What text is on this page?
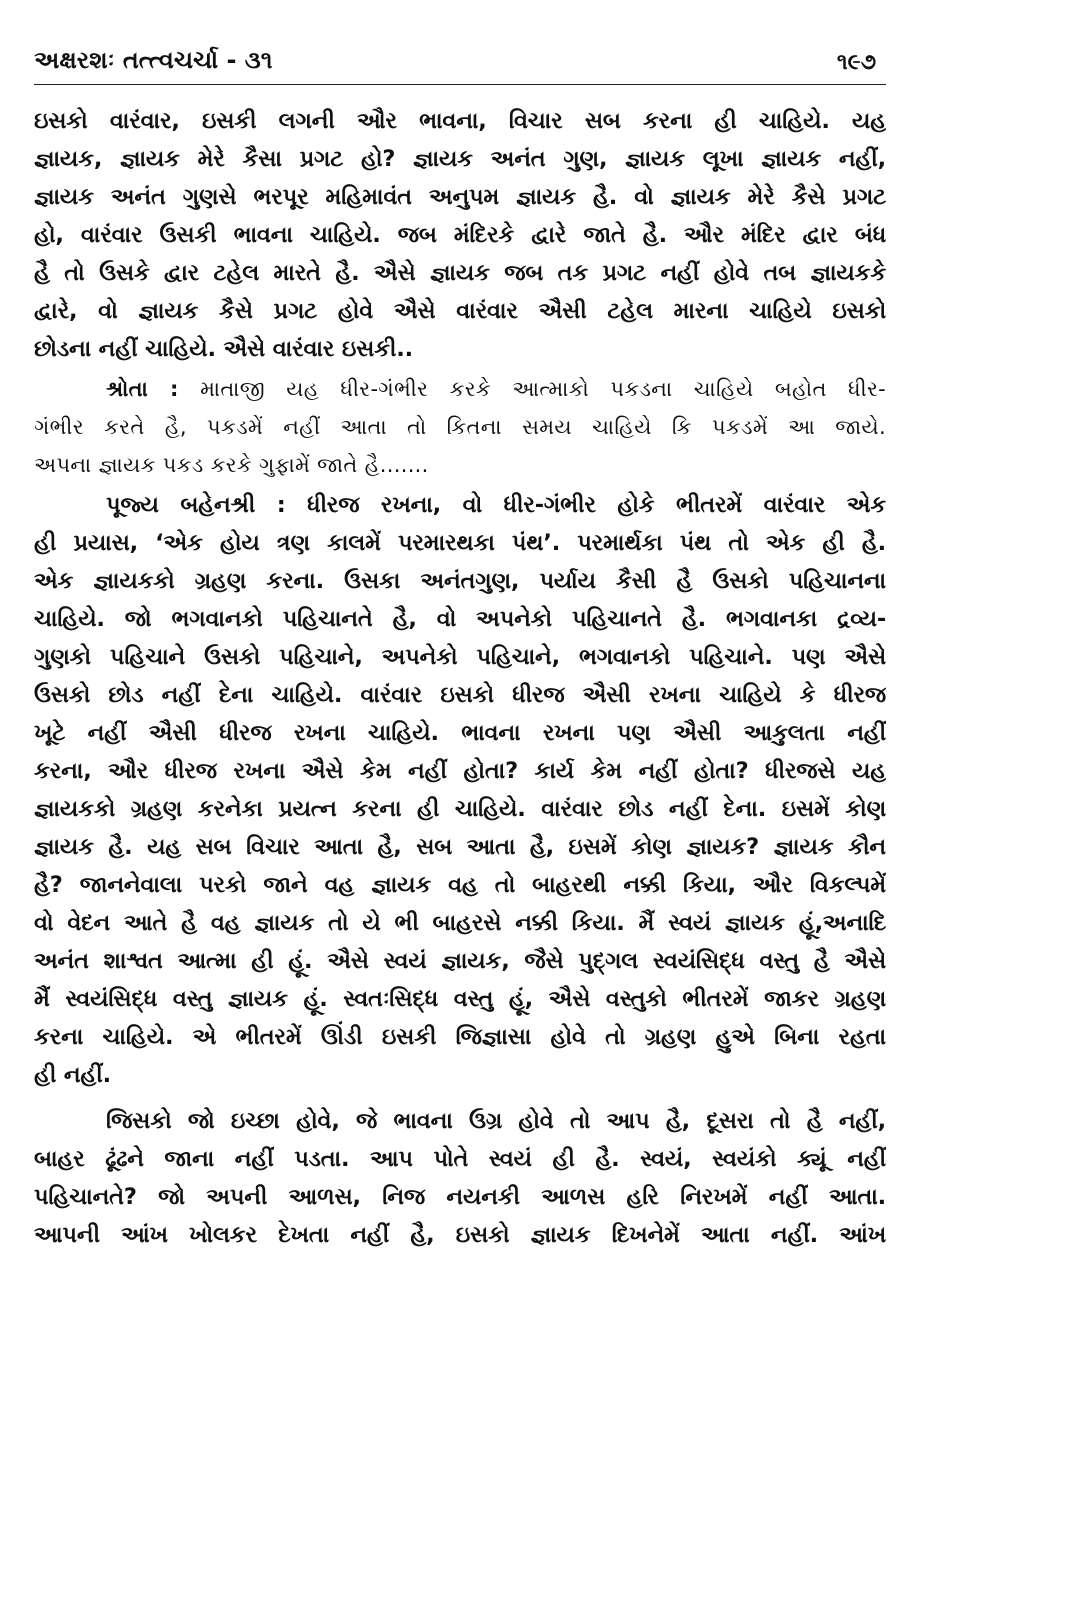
અક્ષરશઃ તત્ત્વચર્ચા - ૩૧	૧૯૭
ઇસકો વારંવાર, ઇસકી લગની ઔર ભાવના, વિચાર સબ કરના હી ચાહિયે. યહ
જ્ઞાયક, જ્ઞાયક મેરે કૈસા પ્રગટ હો? જ્ઞાયક અનંત ગુણ, જ્ઞાયક લૂખા જ્ઞાયક નહીં,
જ્ઞાયક અનંત ગુણસે ભરપૂર મહિમાવંત અનુપમ જ્ઞાયક હૈ. વો જ્ઞાયક મેરે કૈસે પ્રગટ
હો, વારંવાર ઉસકી ભાવના ચાહિયે. જબ મંદિરકે દ્વારે જાતે હૈ. ઔર મંદિર દ્વાર બંધ
હૈ તો ઉસકે દ્વાર ટહેલ મારતે હૈ. ઐસે જ્ઞાયક જબ તક પ્રગટ નહીં હોવે તબ જ્ઞાયકકે
દ્વારે, વો જ્ઞાયક કૈસે પ્રગટ હોવે ઐસે વારંવાર ઐસી ટહેલ મારના ચાહિયે ઇસકો
છોડના નહીં ચાહિયે. ઐસે વારંવાર ઇસકી..
શ્રોતા : માતાજી યહ ધીર-ગંભીર કરકે આત્માકો પકડના ચાહિયે બહોત ધીર-
ગંભીર કરતે હૈ, પકડમેં નહીં આતા તો કિતના સમય ચાહિયે કિ પકડમેં આ જાયે.
અપના જ્ઞાયક પકડ કરકે ગુફામેં જાતે હૈ.......
પૂજ્ય બહેનશ્રી : ધીરજ રખના, વો ધીર-ગંભીર હોકે ભીતરમેં વારંવાર એક
હી પ્રયાસ, ‘એક હોય ત્રણ કાલમેં પરમારથકા પંથ’. પરમાર્થકા પંથ તો એક હી હૈ.
એક જ્ઞાયકકો ગ્રહણ કરના. ઉસકા અનંતગુણ, પર્યાય કૈસી હૈ ઉસકો પહિચાનના
ચાહિયે. જો ભગવાનકો પહિચાનતે હૈ, વો અપનેકો પહિચાનતે હૈ. ભગવાનકા દ્રવ્ય-
ગુણકો પહિચાને ઉસકો પહિચાને, અપનેકો પહિચાને, ભગવાનકો પહિચાને. પણ ઐસે
ઉસકો છોડ નહીં દેના ચાહિયે. વારંવાર ઇસકો ધીરજ ઐસી રખના ચાહિયે કે ધીરજ
ખૂટે નહીં ઐસી ધીરજ રખના ચાહિયે. ભાવના રખના પણ ઐસી આકુલતા નહીં
કરના, ઔર ધીરજ રખના ઐસે કેમ નહીં હોતા? કાર્ય કેમ નહીં હોતા? ધીરજસે યહ
જ્ઞાયકકો ગ્રહણ કરનેકા પ્રયત્ન કરના હી ચાહિયે. વારંવાર છોડ નહીં દેના. ઇસમેં કોણ
જ્ઞાયક હૈ. યહ સબ વિચાર આતા હૈ, સબ આતા હૈ, ઇસમેં કોણ જ્ઞાયક? જ્ઞાયક કૌન
હૈ? જાનનેવાલા પરકો જાને વહ જ્ઞાયક વહ તો બાહરથી નક્કી કિયા, ઔર વિકલ્પમેં
વો વેદન આતે હૈ વહ જ્ઞાયક તો યે ભી બાહરસે નક્કી કિયા. મૈં સ્વયં જ્ઞાયક હૂં,અનાદિ
અનંત શાશ્વત આત્મા હી હૂં. ઐસે સ્વયં જ્ઞાયક, જૈસે પુદ્ગલ સ્વયંસિદ્ધ વસ્તુ હૈ ઐસે
મૈં સ્વયંસિદ્ધ વસ્તુ જ્ઞાયક હૂં. સ્વતઃસિદ્ધ વસ્તુ હૂં, ઐસે વસ્તુકો ભીતરમેં જાકર ગ્રહણ
કરના ચાહિયે. એ ભીતરમેં ઊંડી ઇસકી જિજ્ઞાસા હોવે તો ગ્રહણ હુએ બિના રહતા
હી નહીં.
જિસકો જો ઇચ્છા હોવે, જે ભાવના ઉગ્ર હોવે તો આપ હૈ, દૂસરા તો હૈ નહીં,
બાહર ઢૂંઢને જાના નહીં પડતા. આપ પોતે સ્વયં હી હૈ. સ્વયં, સ્વયંકો ક્યૂં નહીં
પહિચાનતે? જો અપની આળસ, નિજ નયનકી આળસ હરિ નિરખમેં નહીં આતા.
આપની આંખ ખોલકર દેખતા નહીં હૈ, ઇસકો જ્ઞાયક દિખનેમેં આતા નહીં. આંખ
